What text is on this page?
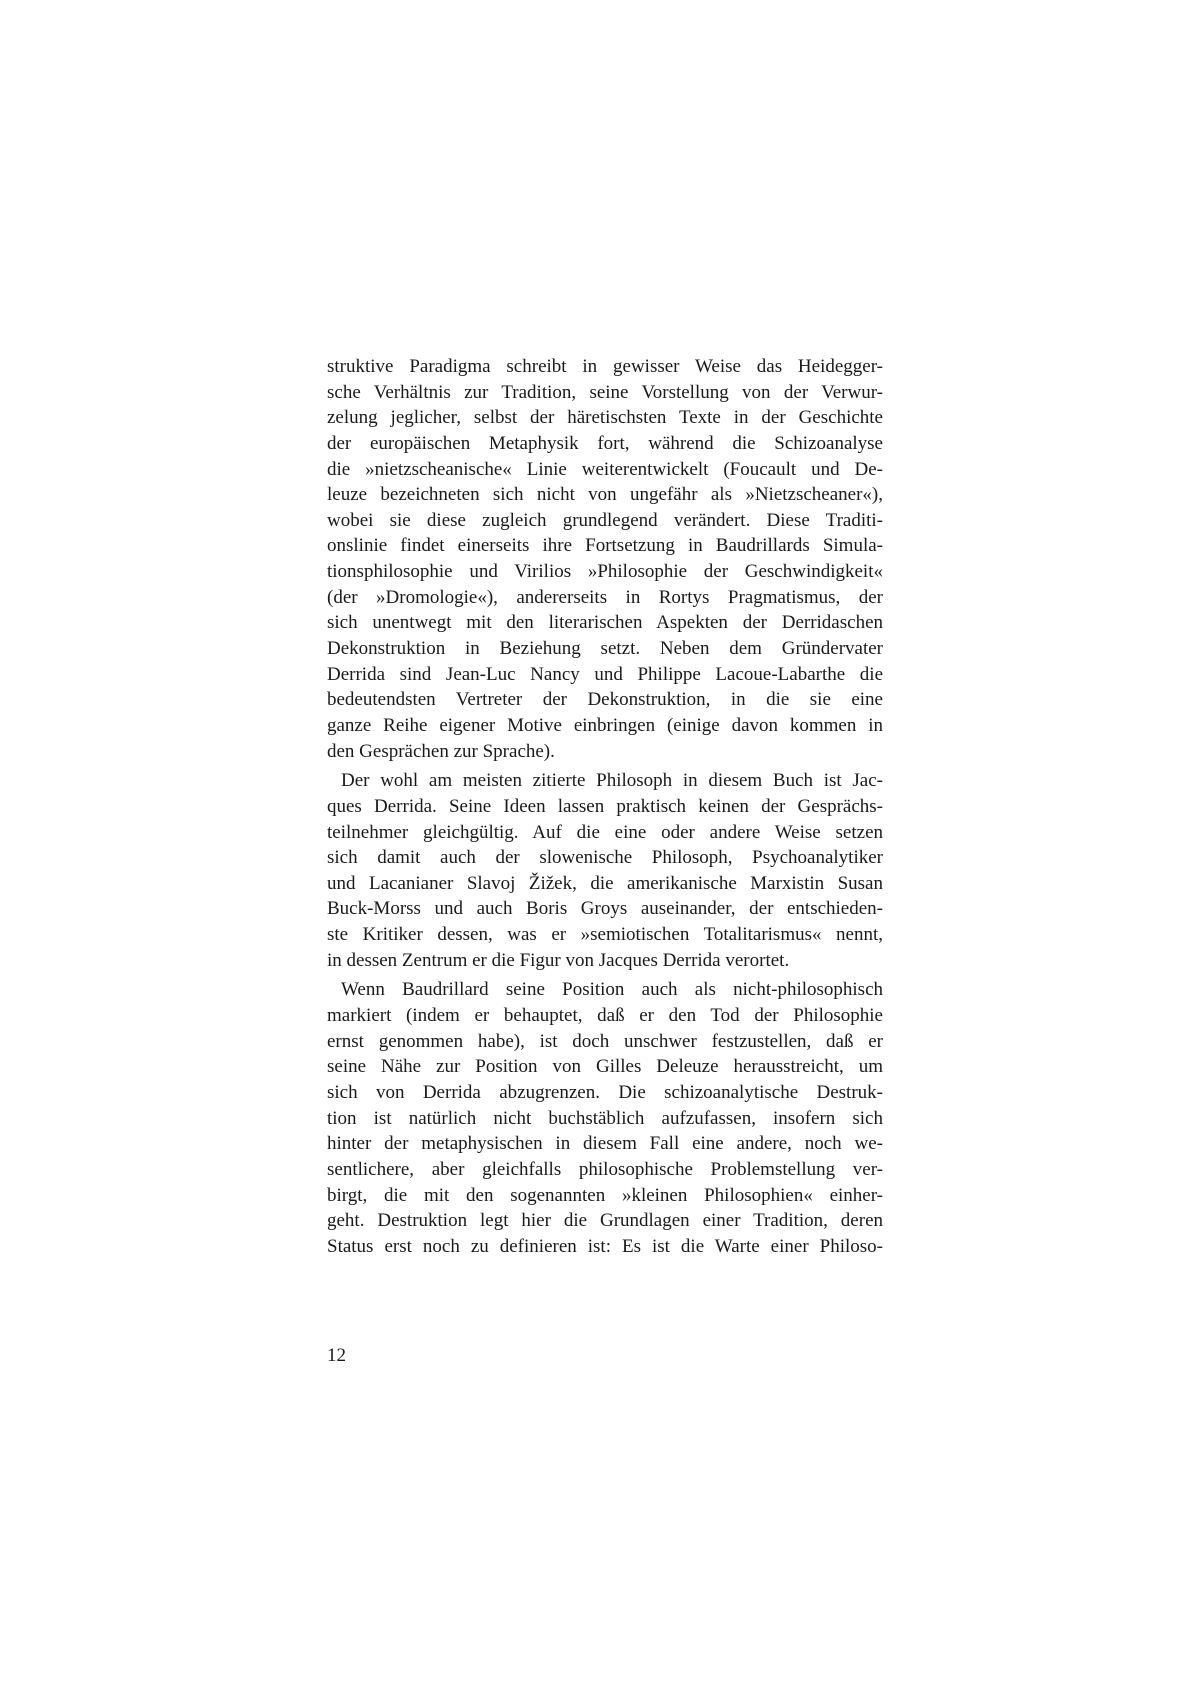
struktive Paradigma schreibt in gewisser Weise das Heidegger-
sche Verhältnis zur Tradition, seine Vorstellung von der Verwur-
zelung jeglicher, selbst der häretischsten Texte in der Geschichte
der europäischen Metaphysik fort, während die Schizoanalyse
die »nietzscheanische« Linie weiterentwickelt (Foucault und De-
leuze bezeichneten sich nicht von ungefähr als »Nietzscheaner«),
wobei sie diese zugleich grundlegend verändert. Diese Traditi-
onslinie findet einerseits ihre Fortsetzung in Baudrillards Simula-
tionsphilosophie und Virilios »Philosophie der Geschwindigkeit«
(der »Dromologie«), andererseits in Rortys Pragmatismus, der
sich unentwegt mit den literarischen Aspekten der Derridaschen
Dekonstruktion in Beziehung setzt. Neben dem Gründervater
Derrida sind Jean-Luc Nancy und Philippe Lacoue-Labarthe die
bedeutendsten Vertreter der Dekonstruktion, in die sie eine
ganze Reihe eigener Motive einbringen (einige davon kommen in
den Gesprächen zur Sprache).
Der wohl am meisten zitierte Philosoph in diesem Buch ist Jac-
ques Derrida. Seine Ideen lassen praktisch keinen der Gesprächs-
teilnehmer gleichgültig. Auf die eine oder andere Weise setzen
sich damit auch der slowenische Philosoph, Psychoanalytiker
und Lacanianer Slavoj Žižek, die amerikanische Marxistin Susan
Buck-Morss und auch Boris Groys auseinander, der entschieden-
ste Kritiker dessen, was er »semiotischen Totalitarismus« nennt,
in dessen Zentrum er die Figur von Jacques Derrida verortet.
Wenn Baudrillard seine Position auch als nicht-philosophisch
markiert (indem er behauptet, daß er den Tod der Philosophie
ernst genommen habe), ist doch unschwer festzustellen, daß er
seine Nähe zur Position von Gilles Deleuze herausstreicht, um
sich von Derrida abzugrenzen. Die schizoanalytische Destruk-
tion ist natürlich nicht buchstäblich aufzufassen, insofern sich
hinter der metaphysischen in diesem Fall eine andere, noch we-
sentlichere, aber gleichfalls philosophische Problemstellung ver-
birgt, die mit den sogenannten »kleinen Philosophien« einher-
geht. Destruktion legt hier die Grundlagen einer Tradition, deren
Status erst noch zu definieren ist: Es ist die Warte einer Philoso-
12
